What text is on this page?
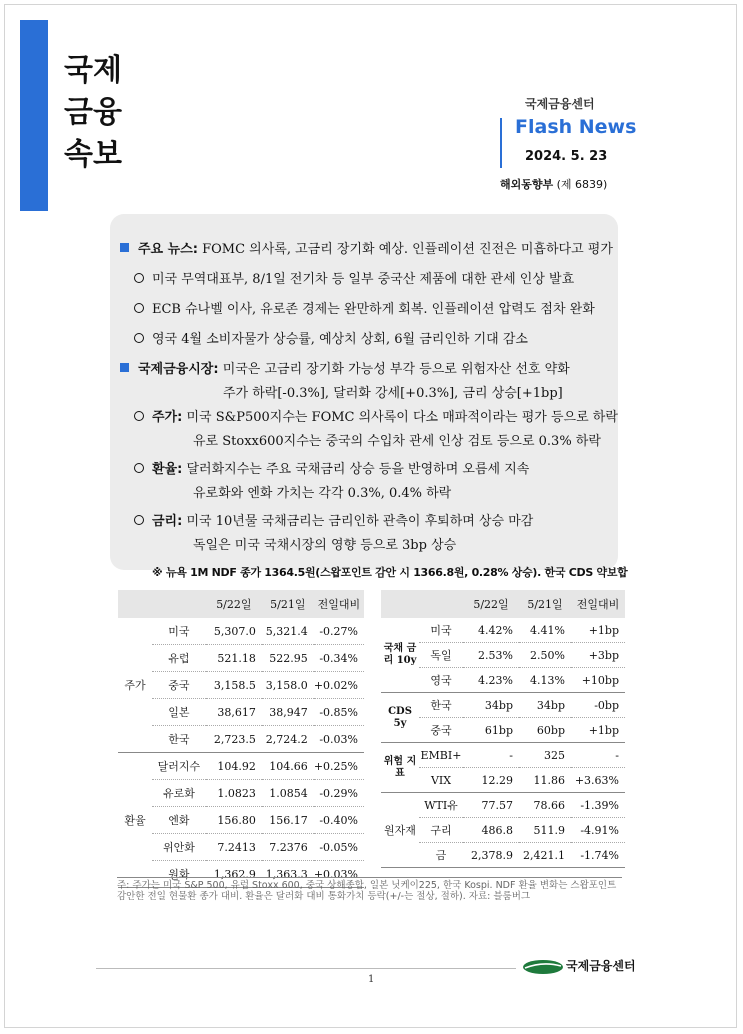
국제
금융
속보
국제금융센터
Flash News
2024. 5. 23
해외동향부 (제 6839)
주요 뉴스: FOMC 의사록, 고금리 장기화 예상. 인플레이션 진전은 미흡하다고 평가
미국 무역대표부, 8/1일 전기차 등 일부 중국산 제품에 대한 관세 인상 발효
ECB 슈나벨 이사, 유로존 경제는 완만하게 회복. 인플레이션 압력도 점차 완화
영국 4월 소비자물가 상승률, 예상치 상회, 6월 금리인하 기대 감소
국제금융시장: 미국은 고금리 장기화 가능성 부각 등으로 위험자산 선호 약화
주가 하락[-0.3%], 달러화 강세[+0.3%], 금리 상승[+1bp]
주가: 미국 S&P500지수는 FOMC 의사록이 다소 매파적이라는 평가 등으로 하락
유로 Stoxx600지수는 중국의 수입차 관세 인상 검토 등으로 0.3% 하락
환율: 달러화지수는 주요 국채금리 상승 등을 반영하며 오름세 지속
유로화와 엔화 가치는 각각 0.3%, 0.4% 하락
금리: 미국 10년물 국채금리는 금리인하 관측이 후퇴하며 상승 마감
독일은 미국 국채시장의 영향 등으로 3bp 상승
※ 뉴욕 1M NDF 종가 1364.5원(스왑포인트 감안 시 1366.8원, 0.28% 상승). 한국 CDS 약보합
		5/22일	5/21일	전일대비
주가	미국	5,307.0	5,321.4	-0.27%
	유럽	521.18	522.95	-0.34%
	중국	3,158.5	3,158.0	+0.02%
	일본	38,617	38,947	-0.85%
	한국	2,723.5	2,724.2	-0.03%
환율	달러지수	104.92	104.66	+0.25%
	유로화	1.0823	1.0854	-0.29%
	엔화	156.80	156.17	-0.40%
	위안화	7.2413	7.2376	-0.05%
	원화	1,362.9	1,363.3	+0.03%
		5/22일	5/21일	전일대비
국채 금리 10y	미국	4.42%	4.41%	+1bp
	독일	2.53%	2.50%	+3bp
	영국	4.23%	4.13%	+10bp
CDS 5y	한국	34bp	34bp	-0bp
	중국	61bp	60bp	+1bp
위험 지표	EMBI+	-	325	-
	VIX	12.29	11.86	+3.63%
원자재	WTI유	77.57	78.66	-1.39%
	구리	486.8	511.9	-4.91%
	금	2,378.9	2,421.1	-1.74%
주: 주가는 미국 S&P 500, 유럽 Stoxx 600, 중국 상해종합, 일본 닛케이225, 한국 Kospi. NDF 환율 변화는 스왑포인트 감안한 전일 현물환 종가 대비. 환율은 달러화 대비 통화가치 등락(+/-는 절상, 절하). 자료: 블룸버그
1
국제금융센터
